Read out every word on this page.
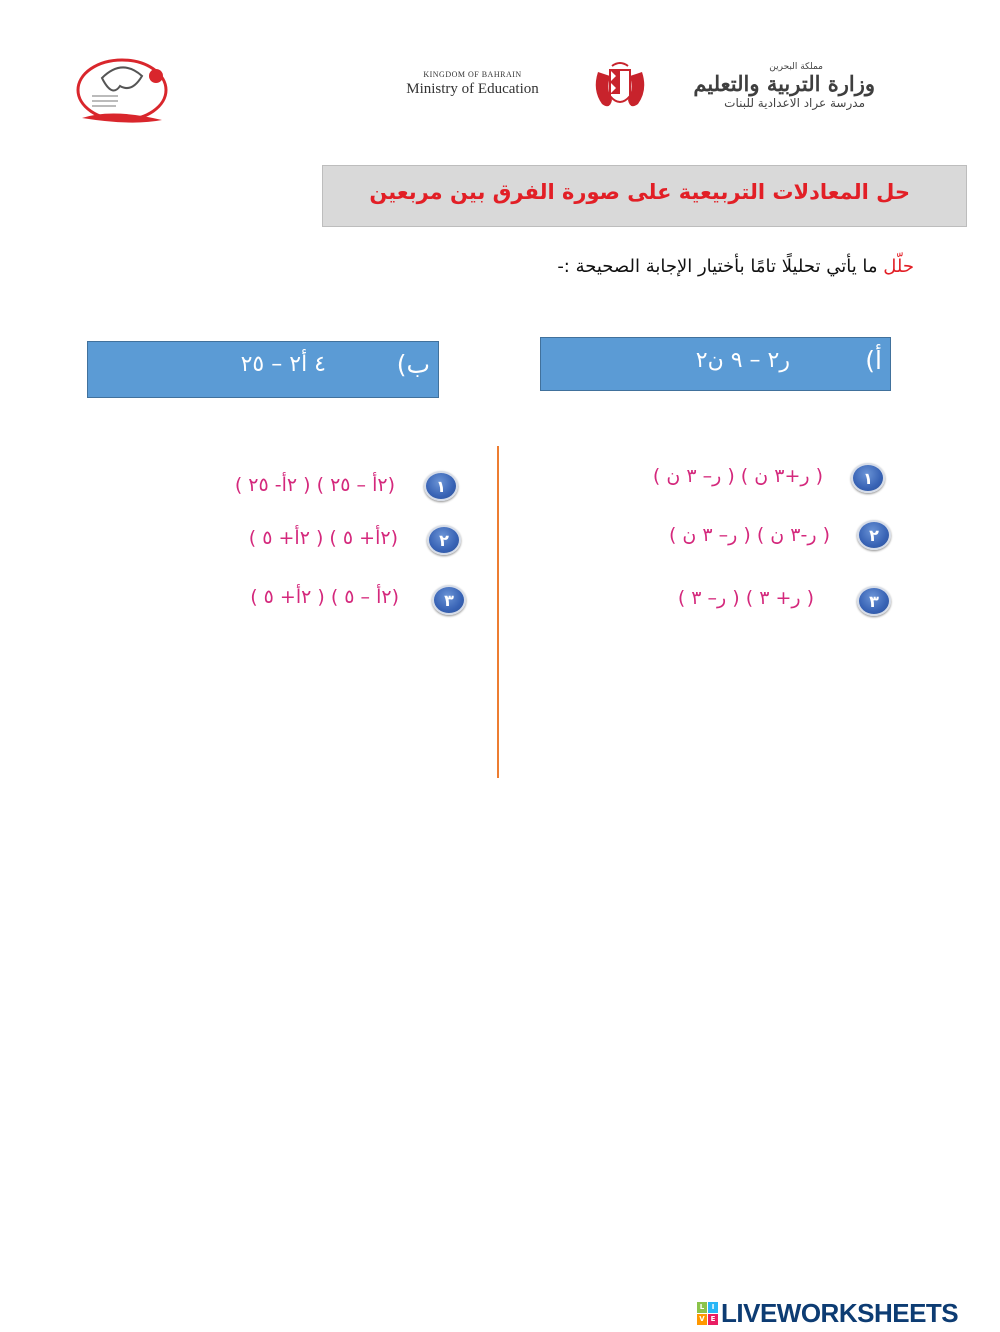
KINGDOM OF BAHRAIN
Ministry of Education
مملكة البحرين
وزارة التربية والتعليم
مدرسة عراد الاعدادية للبنات
حل المعادلات التربيعية على صورة الفرق بين مربعين
حلّل ما يأتي تحليلًا تامًا بأختيار الإجابة الصحيحة :-
أ)
ر٢ – ٩ ن٢
ب)
٤ أ٢ – ٢٥
١
( ر+٣ ن ) ( ر– ٣ ن )
٢
( ر-٣ ن ) ( ر– ٣ ن )
٣
( ر+ ٣ ) ( ر– ٣ )
١
(٢أ – ٢٥ ) ( ٢أ- ٢٥ )
٢
(٢أ+ ٥ ) ( ٢أ+ ٥ )
٣
(٢أ – ٥ ) ( ٢أ+ ٥ )
L	I
V E LIVEWORKSHEETS
